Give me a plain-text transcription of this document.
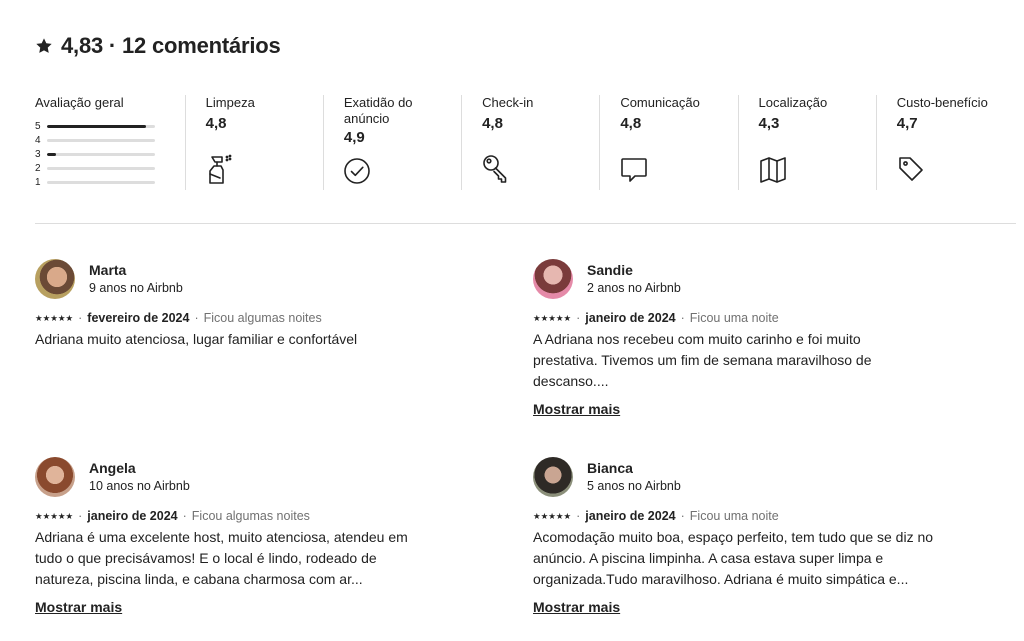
4,83 · 12 comentários
Avaliação geral
5
4
3
2
1
Limpeza
4,8
Exatidão do anúncio
4,9
Check-in
4,8
Comunicação
4,8
Localização
4,3
Custo-benefício
4,7
Marta
9 anos no Airbnb
★★★★★ · fevereiro de 2024 · Ficou algumas noites
Adriana muito atenciosa, lugar familiar e confortável
Sandie
2 anos no Airbnb
★★★★★ · janeiro de 2024 · Ficou uma noite
A Adriana nos recebeu com muito carinho e foi muito prestativa. Tivemos um fim de semana maravilhoso de descanso....
Mostrar mais
Angela
10 anos no Airbnb
★★★★★ · janeiro de 2024 · Ficou algumas noites
Adriana é uma excelente host, muito atenciosa, atendeu em tudo o que precisávamos! E o local é lindo, rodeado de natureza, piscina linda, e cabana charmosa com ar...
Mostrar mais
Bianca
5 anos no Airbnb
★★★★★ · janeiro de 2024 · Ficou uma noite
Acomodação muito boa, espaço perfeito, tem tudo que se diz no anúncio. A piscina limpinha. A casa estava super limpa e organizada.Tudo maravilhoso. Adriana é muito simpática e...
Mostrar mais
